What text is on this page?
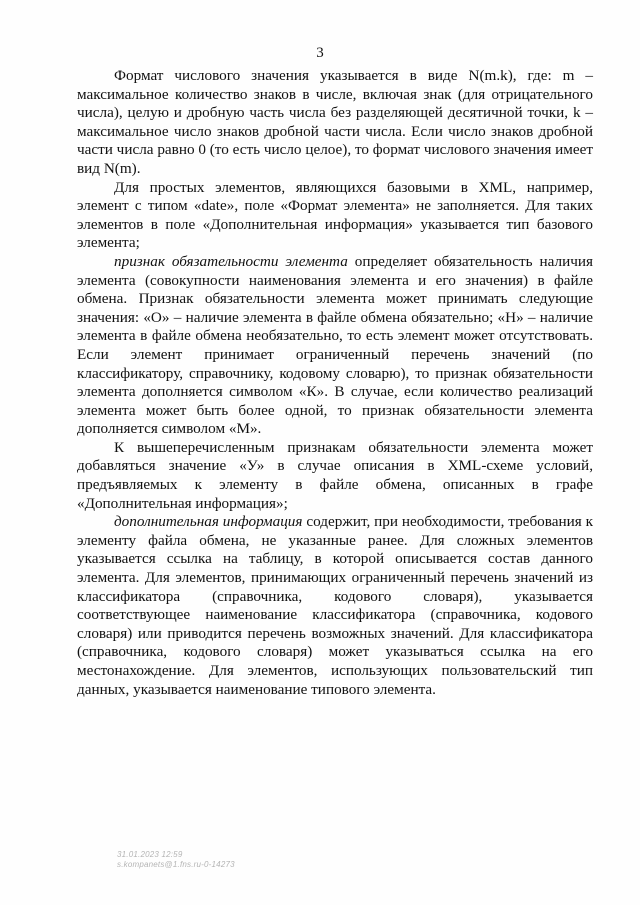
3

Формат числового значения указывается в виде N(m.k), где: m – максимальное количество знаков в числе, включая знак (для отрицательного числа), целую и дробную часть числа без разделяющей десятичной точки, k – максимальное число знаков дробной части числа. Если число знаков дробной части числа равно 0 (то есть число целое), то формат числового значения имеет вид N(m).

Для простых элементов, являющихся базовыми в XML, например, элемент с типом «date», поле «Формат элемента» не заполняется. Для таких элементов в поле «Дополнительная информация» указывается тип базового элемента;

признак обязательности элемента определяет обязательность наличия элемента (совокупности наименования элемента и его значения) в файле обмена. Признак обязательности элемента может принимать следующие значения: «О» – наличие элемента в файле обмена обязательно; «Н» – наличие элемента в файле обмена необязательно, то есть элемент может отсутствовать. Если элемент принимает ограниченный перечень значений (по классификатору, справочнику, кодовому словарю), то признак обязательности элемента дополняется символом «К». В случае, если количество реализаций элемента может быть более одной, то признак обязательности элемента дополняется символом «М».

К вышеперечисленным признакам обязательности элемента может добавляться значение «У» в случае описания в XML-схеме условий, предъявляемых к элементу в файле обмена, описанных в графе «Дополнительная информация»;

дополнительная информация содержит, при необходимости, требования к элементу файла обмена, не указанные ранее. Для сложных элементов указывается ссылка на таблицу, в которой описывается состав данного элемента. Для элементов, принимающих ограниченный перечень значений из классификатора (справочника, кодового словаря), указывается соответствующее наименование классификатора (справочника, кодового словаря) или приводится перечень возможных значений. Для классификатора (справочника, кодового словаря) может указываться ссылка на его местонахождение. Для элементов, использующих пользовательский тип данных, указывается наименование типового элемента.

31.01.2023 12:59
s.kompanets@1.fns.ru-0-14273
